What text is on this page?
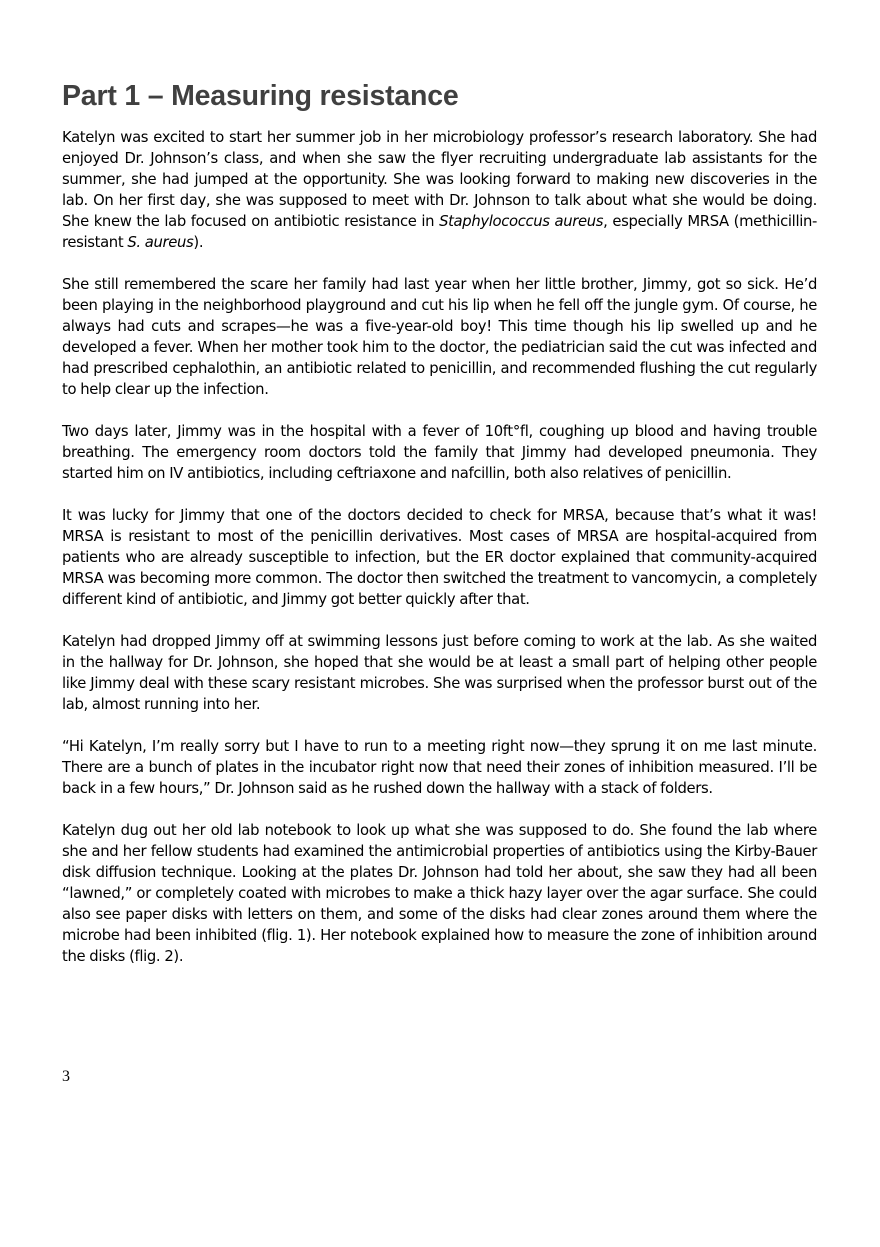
Part 1 – Measuring resistance

Katelyn was excited to start her summer job in her microbiology professor’s research laboratory. She had enjoyed Dr. Johnson’s class, and when she saw the flyer recruiting undergraduate lab assistants for the summer, she had jumped at the opportunity. She was looking forward to making new discoveries in the lab. On her first day, she was supposed to meet with Dr. Johnson to talk about what she would be doing. She knew the lab focused on antibiotic resistance in Staphylococcus aureus, especially MRSA (methicillin-resistant S. aureus).

She still remembered the scare her family had last year when her little brother, Jimmy, got so sick. He’d been playing in the neighborhood playground and cut his lip when he fell off the jungle gym. Of course, he always had cuts and scrapes—he was a five-year-old boy! This time though his lip swelled up and he developed a fever. When her mother took him to the doctor, the pediatrician said the cut was infected and had prescribed cephalothin, an antibiotic related to penicillin, and recommended flushing the cut regularly to help clear up the infection.

Two days later, Jimmy was in the hospital with a fever of 10ft°fl, coughing up blood and having trouble breathing. The emergency room doctors told the family that Jimmy had developed pneumonia. They started him on IV antibiotics, including ceftriaxone and nafcillin, both also relatives of penicillin.

It was lucky for Jimmy that one of the doctors decided to check for MRSA, because that’s what it was! MRSA is resistant to most of the penicillin derivatives. Most cases of MRSA are hospital-acquired from patients who are already susceptible to infection, but the ER doctor explained that community-acquired MRSA was becoming more common. The doctor then switched the treatment to vancomycin, a completely different kind of antibiotic, and Jimmy got better quickly after that.

Katelyn had dropped Jimmy off at swimming lessons just before coming to work at the lab. As she waited in the hallway for Dr. Johnson, she hoped that she would be at least a small part of helping other people like Jimmy deal with these scary resistant microbes. She was surprised when the professor burst out of the lab, almost running into her.

“Hi Katelyn, I’m really sorry but I have to run to a meeting right now—they sprung it on me last minute. There are a bunch of plates in the incubator right now that need their zones of inhibition measured. I’ll be back in a few hours,” Dr. Johnson said as he rushed down the hallway with a stack of folders.

Katelyn dug out her old lab notebook to look up what she was supposed to do. She found the lab where she and her fellow students had examined the antimicrobial properties of antibiotics using the Kirby-Bauer disk diffusion technique. Looking at the plates Dr. Johnson had told her about, she saw they had all been “lawned,” or completely coated with microbes to make a thick hazy layer over the agar surface. She could also see paper disks with letters on them, and some of the disks had clear zones around them where the microbe had been inhibited (flig. 1). Her notebook explained how to measure the zone of inhibition around the disks (flig. 2).

3
